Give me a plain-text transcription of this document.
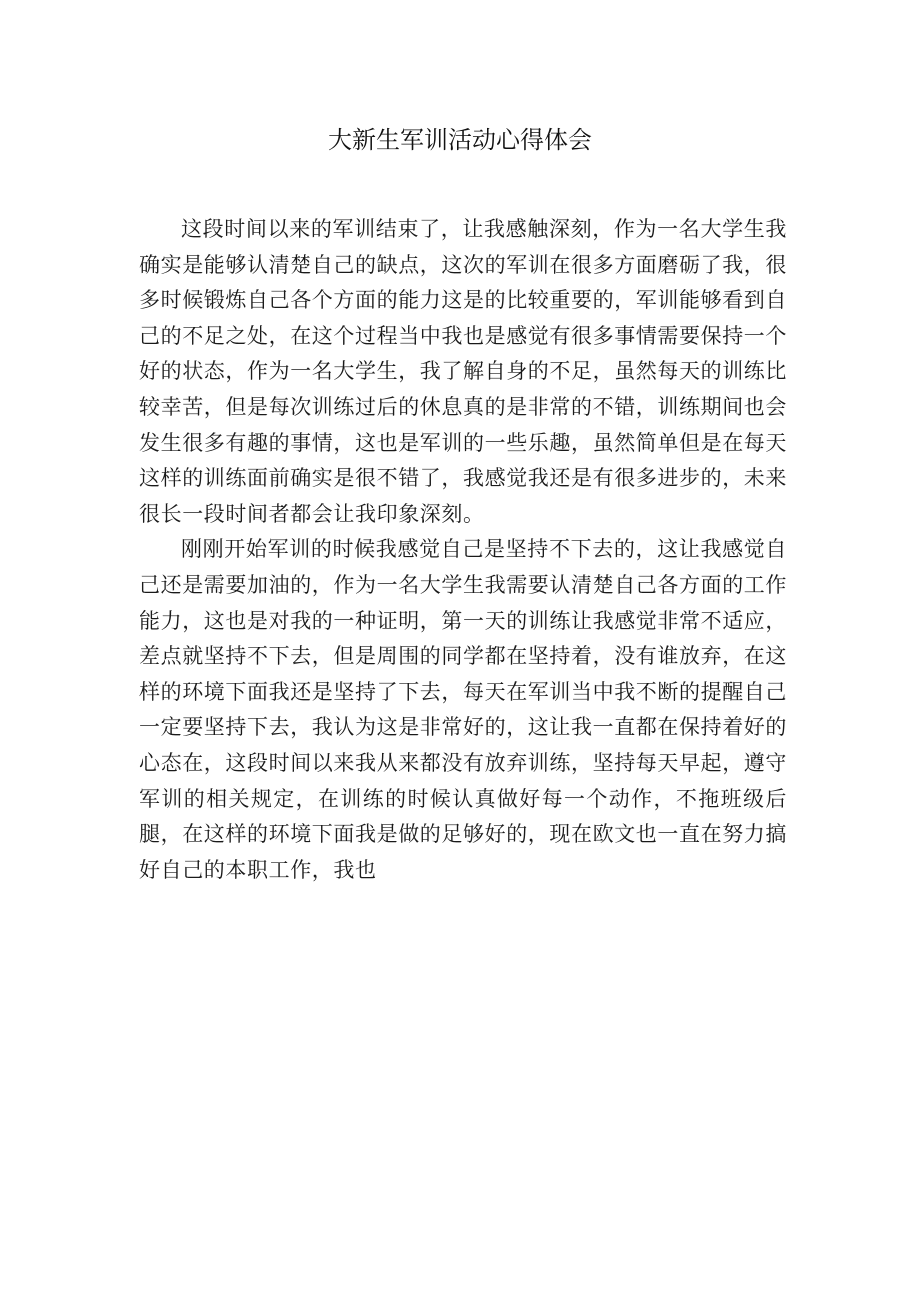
大新生军训活动心得体会

这段时间以来的军训结束了，让我感触深刻，作为一名大学生我确实是能够认清楚自己的缺点，这次的军训在很多方面磨砺了我，很多时候锻炼自己各个方面的能力这是的比较重要的，军训能够看到自己的不足之处，在这个过程当中我也是感觉有很多事情需要保持一个好的状态，作为一名大学生，我了解自身的不足，虽然每天的训练比较幸苦，但是每次训练过后的休息真的是非常的不错，训练期间也会发生很多有趣的事情，这也是军训的一些乐趣，虽然简单但是在每天这样的训练面前确实是很不错了，我感觉我还是有很多进步的，未来很长一段时间者都会让我印象深刻。

刚刚开始军训的时候我感觉自己是坚持不下去的，这让我感觉自己还是需要加油的，作为一名大学生我需要认清楚自己各方面的工作能力，这也是对我的一种证明，第一天的训练让我感觉非常不适应，差点就坚持不下去，但是周围的同学都在坚持着，没有谁放弃，在这样的环境下面我还是坚持了下去，每天在军训当中我不断的提醒自己一定要坚持下去，我认为这是非常好的，这让我一直都在保持着好的心态在，这段时间以来我从来都没有放弃训练，坚持每天早起，遵守军训的相关规定，在训练的时候认真做好每一个动作，不拖班级后腿，在这样的环境下面我是做的足够好的，现在欧文也一直在努力搞好自己的本职工作，我也
